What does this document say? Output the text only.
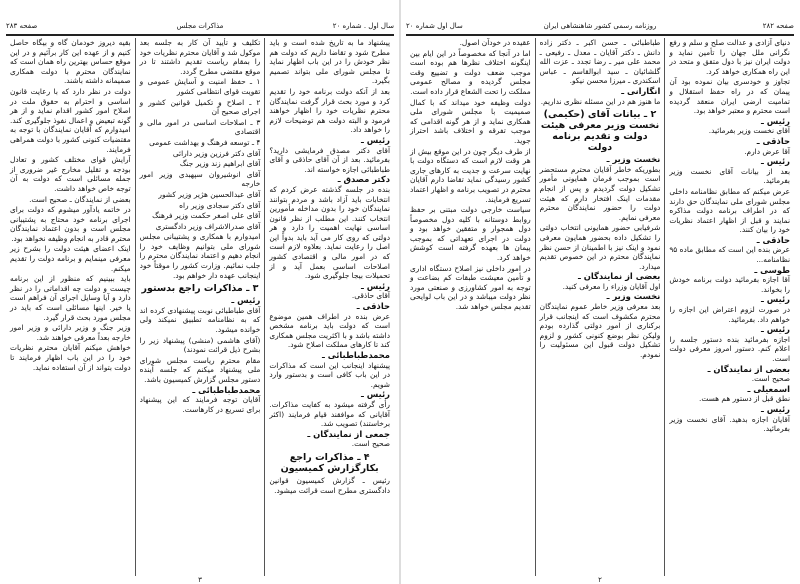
صفحه ۲۸۲
روزنامه رسمی کشور شاهنشاهی ایران
سال اول شماره ۲۰

دنیای آزادی و عدالت صلح و سلم و رفع نگرانی ملل جهان را تأمین نماید و دولت ایران نیز با دول متفق و متحد در این راه همکاری خواهد کرد.

تجاوز و خودسری بیان نموده بود آن پیمان که در راه حفظ استقلال و تمامیت ارضی ایران منعقد گردیده است محترم و معتبر خواهد بود.

رئیس ـ

آقای نخست وزیر بفرمائید.

حاذقی ـ

آقا عرض دارم.

رئیس ـ

بعد از بیانات آقای نخست وزیر بفرمائید.

عرض میکنم که مطابق نظامنامه داخلی مجلس شورای ملی نمایندگان حق دارند که در اطراف برنامه دولت مذاکره نمایند و قبل از اظهار اعتماد نظریات خود را بیان کنند.

حاذقی ـ

عرض بنده این است که مطابق ماده ۹۵ نظامنامه...

طوسی ـ

آقا اجازه بفرمائید دولت برنامه خودش را بخواند.

رئیس ـ

در صورت لزوم اعتراض این اجازه را خواهم داد. بفرمائید.

رئیس ـ

اجازه بفرمائید بنده دستور جلسه را اعلام کنم. دستور امروز معرفی دولت است.

بعضی از نمایندگان ـ

صحیح است.

اسمعیلی ـ

نطق قبل از دستور هم هست.

رئیس ـ

آقایان اجازه بدهید. آقای نخست وزیر بفرمائید.

طباطبائی ـ حسن اکبر ـ دکتر زاده دانش ـ دکتر آقایان ـ معدل ـ رفیعی ـ محمد علی میر ـ رضا تجدد ـ عزت الله گلشائیان ـ سید ابوالقاسم ـ عباس اسکندری ـ میرزا محسن نیکو.

انگارانی ـ

ما هنوز هم در این مسئله نظری نداریم.

۲ ـ بیانات آقای (حکیمی) نخست وزیر معرفی هیئت دولت و تقدیم برنامه دولت
نخست وزیر ـ

بطوریکه خاطر آقایان محترم مستحضر است بموجب فرمان همایونی مأمور تشکیل دولت گردیدم و پس از انجام مقدمات اینک افتخار دارم که هیئت دولت را حضور نمایندگان محترم معرفی نمایم.

شرفیابی حضور همایونی انتخاب دولتی را تشکیل داده بحضور همایون معرفی نمود و اینک نیز با اطمینان از حسن نظر نمایندگان محترم در این خصوص تقدیم میدارد.

بعضی از نمایندگان ـ

اول آقایان وزراء را معرفی کنید.

نخست وزیر ـ

بعد معرفی وزیر خاطر عموم نمایندگان محترم مکشوف است که اینجانب قرار برکناری از امور دولتی گذارده بودم ولیکن نظر بوضع کنونی کشور و لزوم تشکیل دولت قبول این مسئولیت را نمودم.

عقیده در خودآن اصول.

اما در آنجا که مخصوصاً در این ایام بین اینگونه اختلاف نظرها هم بوده است موجب ضعف دولت و تضییع وقت مجلس گردیده و مصالح عمومی مملکت را تحت الشعاع قرار داده است.

دولت وظیفه خود میداند که با کمال صمیمیت با مجلس شورای ملی همکاری نماید و از هر گونه اقدامی که موجب تفرقه و اختلاف باشد احتراز جوید.

از طرف دیگر چون در این موقع بیش از هر وقت لازم است که دستگاه دولت با نهایت سرعت و جدیت به کارهای جاری کشور رسیدگی نماید تقاضا دارم آقایان محترم در تصویب برنامه و اظهار اعتماد تسریع فرمایند.

سیاست خارجی دولت مبتنی بر حفظ روابط دوستانه با کلیه دول مخصوصاً دول همجوار و متفقین خواهد بود و دولت در اجرای تعهداتی که بموجب پیمان ها بعهده گرفته است کوشش خواهد کرد.

در امور داخلی نیز اصلاح دستگاه اداری و تأمین معیشت طبقات کم بضاعت و توجه به امور کشاورزی و صنعتی مورد نظر دولت میباشد و در این باب لوایحی تقدیم مجلس خواهد شد.

۲
صفحه ۲۸۳	مذاکرات مجلس	سال اول . شماره ۲۰

پیشنهاد ما به تاریخ شده است و باید مطرح شود و تقاضا داریم که دولت هم نظر خودش را در این باب اظهار نماید تا مجلس شورای ملی بتواند تصمیم بگیرد.

بعد از آنکه دولت برنامه خود را تقدیم کرد و مورد بحث قرار گرفت نمایندگان محترم نظریات خود را اظهار خواهند فرمود و البته دولت هم توضیحات لازم را خواهد داد.

رئیس ـ

آقای دکتر مصدق فرمایشی دارید؟ بفرمائید. بعد از آن آقای حاذقی و آقای طباطبائی اجازه خواسته اند.

دکتر مصدق ـ

بنده در جلسه گذشته عرض کردم که انتخابات باید آزاد باشد و مردم بتوانند نمایندگان خود را بدون مداخله مأمورین انتخاب کنند. این مطلب از نظر قانون اساسی نهایت اهمیت را دارد و هر دولتی که روی کار می آید باید بدواً این اصل را رعایت نماید. بعلاوه لازم است که در امور مالی و اقتصادی کشور اصلاحات اساسی بعمل آید و از تحمیلات بیجا جلوگیری شود.

رئیس ـ

آقای حاذقی.

حاذقی ـ

عرض بنده در اطراف همین موضوع است که دولت باید برنامه مشخص داشته باشد و با اکثریت مجلس همکاری کند تا کارهای مملکت اصلاح شود.

محمدطباطبائی ـ

پیشنهاد اینجانب این است که مذاکرات در این باب کافی است و بدستور وارد شویم.

رئیس ـ

رأی گرفته میشود به کفایت مذاکرات. آقایانی که موافقند قیام فرمایند (اکثر برخاستند) تصویب شد.

جمعی از نمایندگان ـ

صحیح است.

۴ ـ مذاکرات راجع بکارگزارش کمیسیون

رئیس ـ گزارش کمیسیون قوانین دادگستری مطرح است قرائت میشود.

تکلیف و تأیید آن کار به جلسه بعد موکول شد و آقایان محترم نظریات خود را بمقام ریاست تقدیم داشتند تا در موقع مقتضی مطرح گردد.

۱ ـ حفظ امنیت و آسایش عمومی و تقویت قوای انتظامی کشور

۲ ـ اصلاح و تکمیل قوانین کشور و اجرای صحیح آن

۳ ـ اصلاحات اساسی در امور مالی و اقتصادی

۴ ـ توسعه فرهنگ و بهداشت عمومی

آقای دکتر فرزین وزیر دارائی

آقای ابراهیم زند وزیر جنگ

آقای انوشیروان سپهبدی وزیر امور خارجه

آقای عبدالحسین هژیر وزیر کشور

آقای دکتر سجادی وزیر راه

آقای علی اصغر حکمت وزیر فرهنگ

آقای صدرالاشراف وزیر دادگستری

امیدوارم با همکاری و پشتیبانی مجلس شورای ملی بتوانیم وظایف خود را انجام دهیم و اعتماد نمایندگان محترم را جلب نمائیم. وزارت کشور را موقتاً خود اینجانب عهده دار خواهم بود.

۳ ـ مذاکرات راجع بدستور
رئیس ـ

آقای طباطبائی نوبت پیشنهادی کرده اند که به نظامنامه تطبیق نمیکند ولی خوانده میشود.

(آقای هاشمی (منشی) پیشنهاد زیر را بشرح ذیل قرائت نمودند)

مقام محترم ریاست مجلس شورای ملی پیشنهاد میکنم که جلسه آینده دستور مجلس گزارش کمیسیون باشد.

محمدطباطبائی ـ

آقایان توجه فرمایند که این پیشنهاد برای تسریع در کارهاست.

بقیه دیروز خودمان گاه و بیگاه حاصل کنیم و از عهده این کار برآئیم و در این موقع حساس بهترین راه همان است که نمایندگان محترم با دولت همکاری صمیمانه داشته باشند.

دولت در نظر دارد که با رعایت قانون اساسی و احترام به حقوق ملت در اصلاح امور کشور اقدام نماید و از هر گونه تبعیض و اعمال نفوذ جلوگیری کند. امیدوارم که آقایان نمایندگان با توجه به مقتضیات کنونی کشور با دولت همراهی فرمایند.

آرایش قوای مختلف کشور و تعادل بودجه و تقلیل مخارج غیر ضروری از جمله مسائلی است که دولت به آن توجه خاص خواهد داشت.

بعضی از نمایندگان ـ صحیح است.

در خاتمه یادآور میشوم که دولت برای اجرای برنامه خود محتاج به پشتیبانی مجلس است و بدون اعتماد نمایندگان محترم قادر به انجام وظیفه نخواهد بود.

اینک اعضای هیئت دولت را بشرح زیر معرفی مینمایم و برنامه دولت را تقدیم میکنم.

باید ببینیم که منظور از این برنامه چیست و دولت چه اقداماتی را در نظر دارد و آیا وسایل اجرای آن فراهم است یا خیر. اینها مسائلی است که باید در مجلس مورد بحث قرار گیرد.

وزیر جنگ و وزیر دارائی و وزیر امور خارجه بعداً معرفی خواهند شد.

خواهش میکنم آقایان محترم نظریات خود را در این باب اظهار فرمایند تا دولت بتواند از آن استفاده نماید.

۳
